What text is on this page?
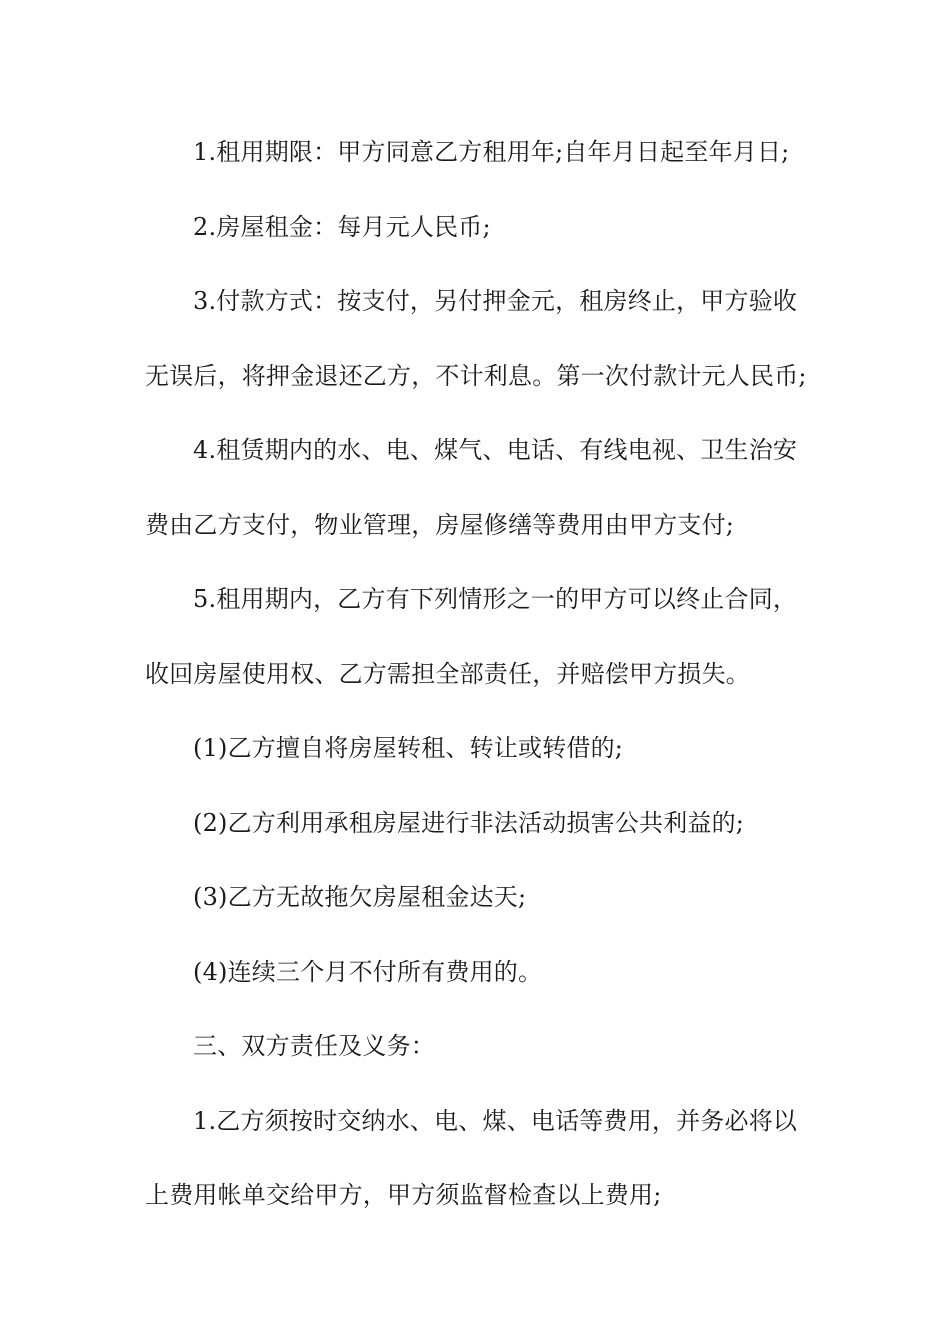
1.租用期限：甲方同意乙方租用年;自年月日起至年月日;
2.房屋租金：每月元人民币;
3.付款方式：按支付，另付押金元，租房终止，甲方验收
无误后，将押金退还乙方，不计利息。第一次付款计元人民币;
4.租赁期内的水、电、煤气、电话、有线电视、卫生治安
费由乙方支付，物业管理，房屋修缮等费用由甲方支付;
5.租用期内，乙方有下列情形之一的甲方可以终止合同，
收回房屋使用权、乙方需担全部责任，并赔偿甲方损失。
(1)乙方擅自将房屋转租、转让或转借的;
(2)乙方利用承租房屋进行非法活动损害公共利益的;
(3)乙方无故拖欠房屋租金达天;
(4)连续三个月不付所有费用的。
三、双方责任及义务：
1.乙方须按时交纳水、电、煤、电话等费用，并务必将以
上费用帐单交给甲方，甲方须监督检查以上费用;
